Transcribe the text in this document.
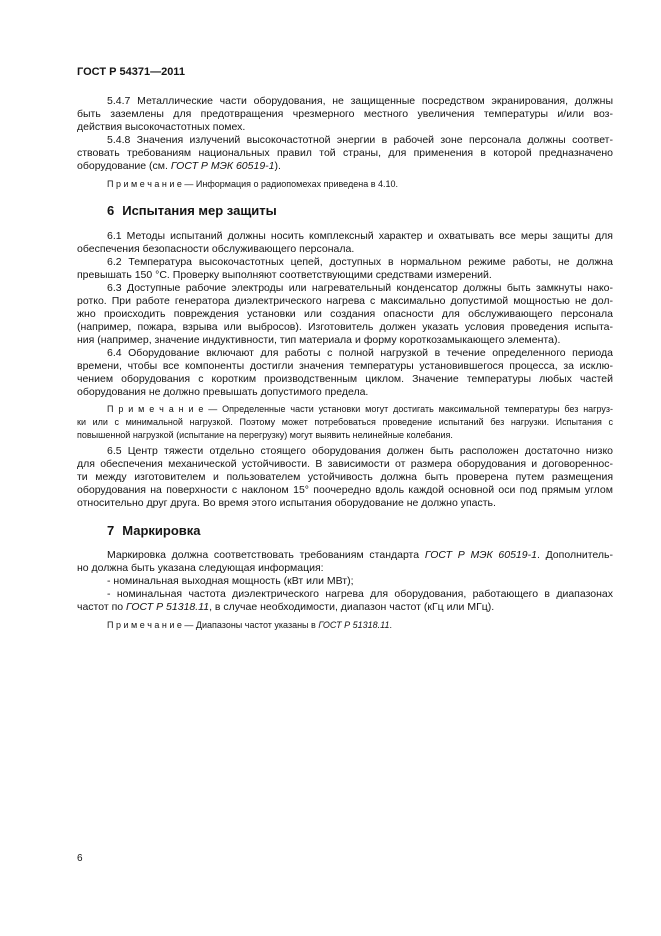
ГОСТ Р 54371—2011
5.4.7 Металлические части оборудования, не защищенные посредством экранирования, должны
быть заземлены для предотвращения чрезмерного местного увеличения температуры и/или воз-
действия высокочастотных помех.
5.4.8 Значения излучений высокочастотной энергии в рабочей зоне персонала должны соответ-
ствовать требованиям национальных правил той страны, для применения в которой предназначено
оборудование (см. ГОСТ Р МЭК 60519-1).
П р и м е ч а н и е — Информация о радиопомехах приведена в 4.10.
6 Испытания мер защиты
6.1 Методы испытаний должны носить комплексный характер и охватывать все меры защиты для
обеспечения безопасности обслуживающего персонала.
6.2 Температура высокочастотных цепей, доступных в нормальном режиме работы, не должна
превышать 150 °С. Проверку выполняют соответствующими средствами измерений.
6.3 Доступные рабочие электроды или нагревательный конденсатор должны быть замкнуты нако-
ротко. При работе генератора диэлектрического нагрева с максимально допустимой мощностью не дол-
жно происходить повреждения установки или создания опасности для обслуживающего персонала
(например, пожара, взрыва или выбросов). Изготовитель должен указать условия проведения испыта-
ния (например, значение индуктивности, тип материала и форму короткозамыкающего элемента).
6.4 Оборудование включают для работы с полной нагрузкой в течение определенного периода
времени, чтобы все компоненты достигли значения температуры установившегося процесса, за исклю-
чением оборудования с коротким производственным циклом. Значение температуры любых частей
оборудования не должно превышать допустимого предела.
П р и м е ч а н и е — Определенные части установки могут достигать максимальной температуры без нагруз-
ки или с минимальной нагрузкой. Поэтому может потребоваться проведение испытаний без нагрузки. Испытания с
повышенной нагрузкой (испытание на перегрузку) могут выявить нелинейные колебания.
6.5 Центр тяжести отдельно стоящего оборудования должен быть расположен достаточно низко
для обеспечения механической устойчивости. В зависимости от размера оборудования и договореннос-
ти между изготовителем и пользователем устойчивость должна быть проверена путем размещения
оборудования на поверхности с наклоном 15° поочередно вдоль каждой основной оси под прямым углом
относительно друг друга. Во время этого испытания оборудование не должно упасть.
7 Маркировка
Маркировка должна соответствовать требованиям стандарта ГОСТ Р МЭК 60519-1. Дополнитель-
но должна быть указана следующая информация:
- номинальная выходная мощность (кВт или МВт);
- номинальная частота диэлектрического нагрева для оборудования, работающего в диапазонах
частот по ГОСТ Р 51318.11, в случае необходимости, диапазон частот (кГц или МГц).
П р и м е ч а н и е — Диапазоны частот указаны в ГОСТ Р 51318.11.
6
